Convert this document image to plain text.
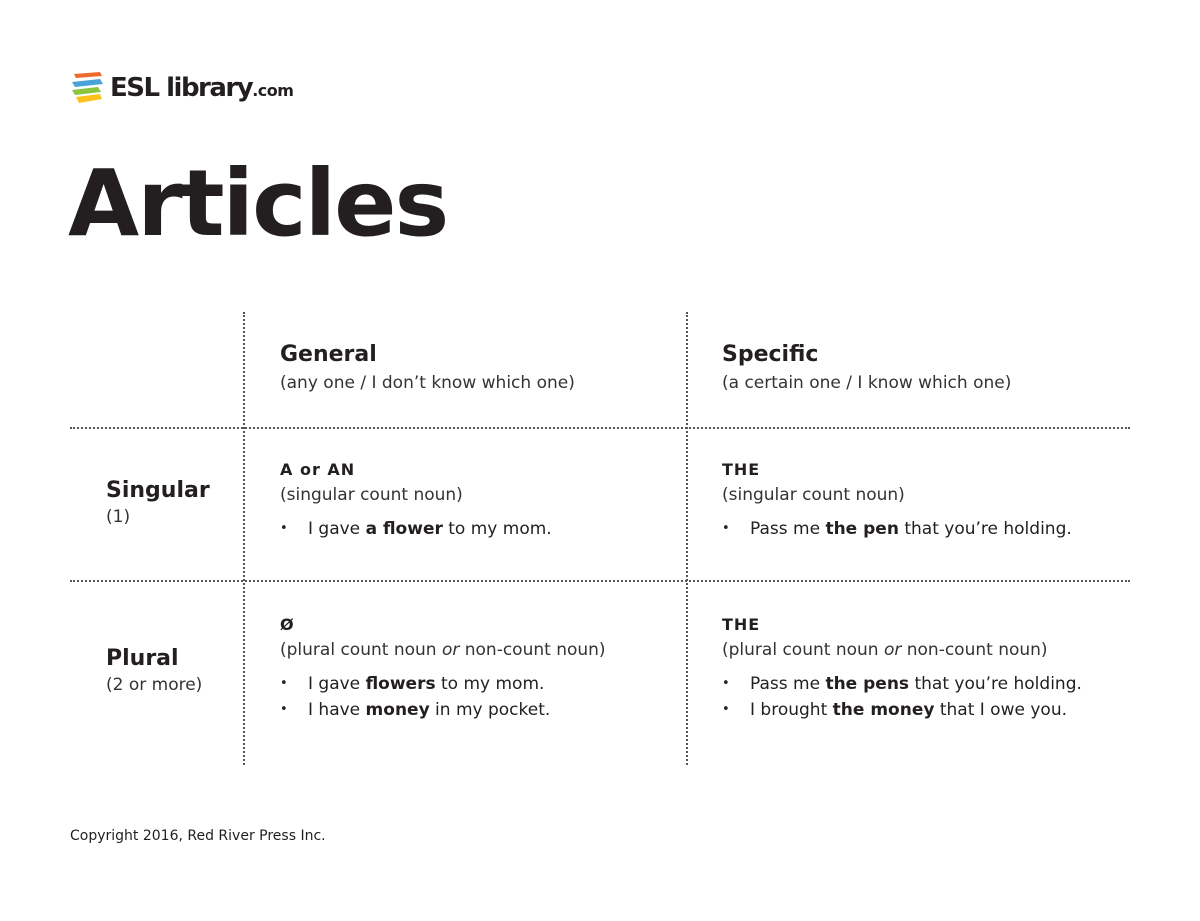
ESL library.com
Articles
General
(any one / I don’t know which one)
Specific
(a certain one / I know which one)
Singular
(1)
Plural
(2 or more)
A or AN
(singular count noun)
• I gave a flower to my mom.
THE
(singular count noun)
• Pass me the pen that you’re holding.
Ø
(plural count noun or non-count noun)
• I gave flowers to my mom.
• I have money in my pocket.
THE
(plural count noun or non-count noun)
• Pass me the pens that you’re holding.
• I brought the money that I owe you.
Copyright 2016, Red River Press Inc.
